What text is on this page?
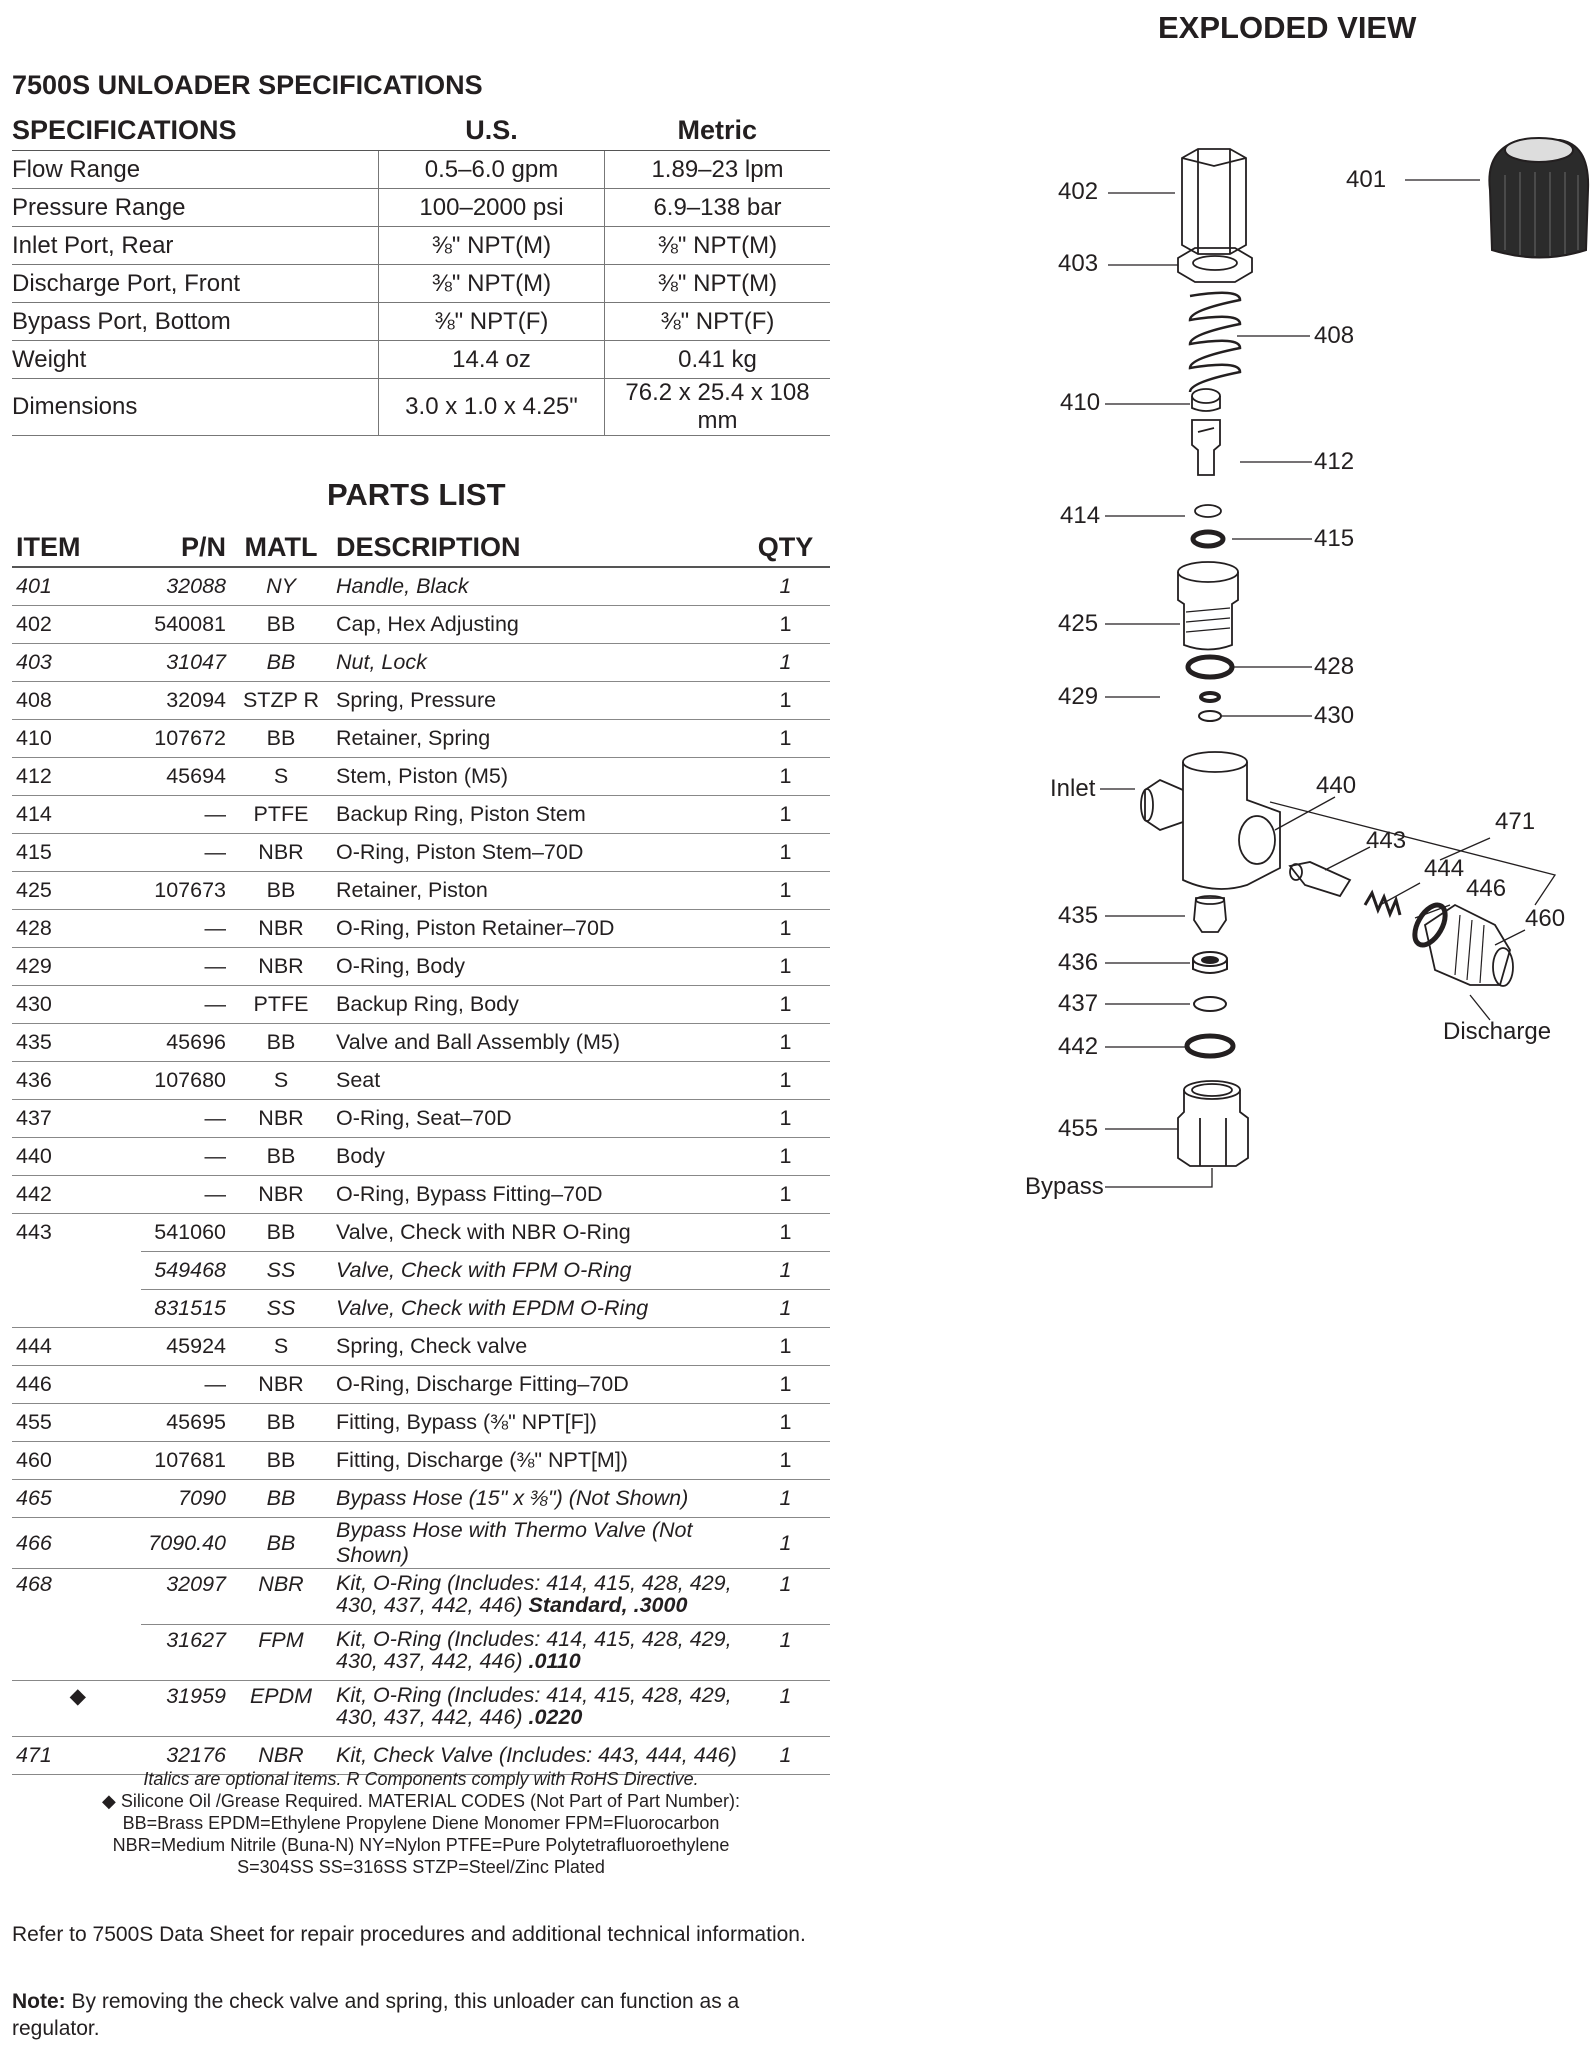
7500S UNLOADER SPECIFICATIONS
SPECIFICATIONS	U.S.	Metric
Flow Range	0.5–6.0 gpm	1.89–23 lpm
Pressure Range	100–2000 psi	6.9–138 bar
Inlet Port, Rear	⅜" NPT(M)	⅜" NPT(M)
Discharge Port, Front	⅜" NPT(M)	⅜" NPT(M)
Bypass Port, Bottom	⅜" NPT(F)	⅜" NPT(F)
Weight	14.4 oz	0.41 kg
Dimensions	3.0 x 1.0 x 4.25"	76.2 x 25.4 x 108 mm
PARTS LIST
ITEM	P/N	MATL	DESCRIPTION	QTY
401	32088	NY	Handle, Black	1
402	540081	BB	Cap, Hex Adjusting	1
403	31047	BB	Nut, Lock	1
408	32094	STZP R	Spring, Pressure	1
410	107672	BB	Retainer, Spring	1
412	45694	S	Stem, Piston (M5)	1
414	—	PTFE	Backup Ring, Piston Stem	1
415	—	NBR	O-Ring, Piston Stem–70D	1
425	107673	BB	Retainer, Piston	1
428	—	NBR	O-Ring, Piston Retainer–70D	1
429	—	NBR	O-Ring, Body	1
430	—	PTFE	Backup Ring, Body	1
435	45696	BB	Valve and Ball Assembly (M5)	1
436	107680	S	Seat	1
437	—	NBR	O-Ring, Seat–70D	1
440	—	BB	Body	1
442	—	NBR	O-Ring, Bypass Fitting–70D	1
443	541060	BB	Valve, Check with NBR O-Ring	1
	549468	SS	Valve, Check with FPM O-Ring	1
	831515	SS	Valve, Check with EPDM O-Ring	1
444	45924	S	Spring, Check valve	1
446	—	NBR	O-Ring, Discharge Fitting–70D	1
455	45695	BB	Fitting, Bypass (⅜" NPT[F])	1
460	107681	BB	Fitting, Discharge (⅜" NPT[M])	1
465	7090	BB	Bypass Hose (15" x ⅜") (Not Shown)	1
466	7090.40	BB	Bypass Hose with Thermo Valve (Not Shown)	1
468	32097	NBR	Kit, O-Ring (Includes: 414, 415, 428, 429, 430, 437, 442, 446) Standard, .3000	1
	31627	FPM	Kit, O-Ring (Includes: 414, 415, 428, 429, 430, 437, 442, 446) .0110	1
◆	31959	EPDM	Kit, O-Ring (Includes: 414, 415, 428, 429, 430, 437, 442, 446) .0220	1
471	32176	NBR	Kit, Check Valve (Includes: 443, 444, 446)	1
Italics are optional items. R Components comply with RoHS Directive.
◆ Silicone Oil /Grease Required. MATERIAL CODES (Not Part of Part Number):
BB=Brass EPDM=Ethylene Propylene Diene Monomer FPM=Fluorocarbon
NBR=Medium Nitrile (Buna-N) NY=Nylon PTFE=Pure Polytetrafluoroethylene
S=304SS SS=316SS STZP=Steel/Zinc Plated
Refer to 7500S Data Sheet for repair procedures and additional technical information.
Note: By removing the check valve and spring, this unloader can function as a regulator.
EXPLODED VIEW
402
403
410
414
425
429
Inlet
435
436
437
442
455
Bypass
401
408
412
415
428
430
440
443
471
444
446
460
Discharge
